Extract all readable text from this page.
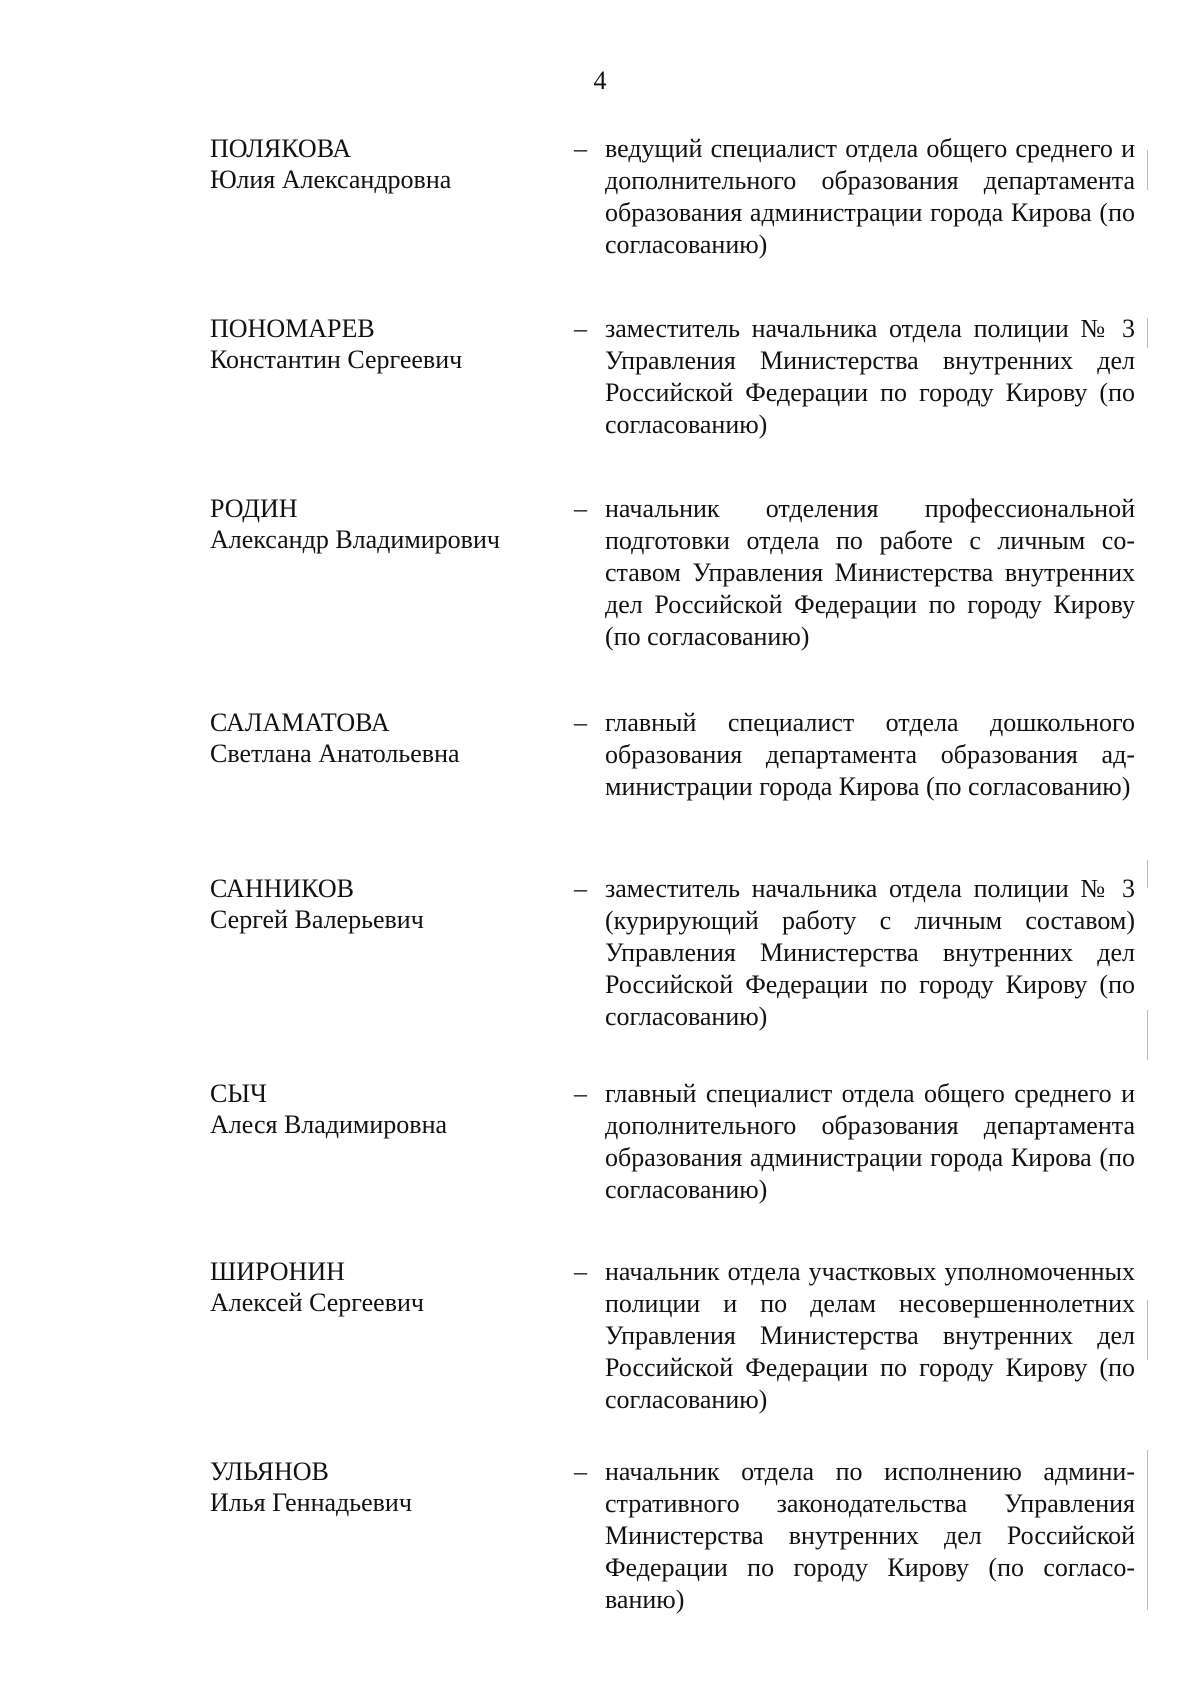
4
ПОЛЯКОВА
Юлия Александровна
– ведущий специалист отдела общего среднего и дополнительного образования департамента образования администрации города Кирова (по согласованию)
ПОНОМАРЕВ
Константин Сергеевич
– заместитель начальника отдела полиции № 3 Управления Министерства внутренних дел Российской Федерации по городу Кирову (по согласованию)
РОДИН
Александр Владимирович
– начальник отделения профессиональной подготовки отдела по работе с личным составом Управления Министерства внутренних дел Российской Федерации по городу Кирову (по согласованию)
САЛАМАТОВА
Светлана Анатольевна
– главный специалист отдела дошкольного образования департамента образования администрации города Кирова (по согласованию)
САННИКОВ
Сергей Валерьевич
– заместитель начальника отдела полиции № 3 (курирующий работу с личным составом) Управления Министерства внутренних дел Российской Федерации по городу Кирову (по согласованию)
СЫЧ
Алеся Владимировна
– главный специалист отдела общего среднего и дополнительного образования департамента образования администрации города Кирова (по согласованию)
ШИРОНИН
Алексей Сергеевич
– начальник отдела участковых уполномоченных полиции и по делам несовершеннолетних Управления Министерства внутренних дел Российской Федерации по городу Кирову (по согласованию)
УЛЬЯНОВ
Илья Геннадьевич
– начальник отдела по исполнению административного законодательства Управления Министерства внутренних дел Российской Федерации по городу Кирову (по согласованию)
